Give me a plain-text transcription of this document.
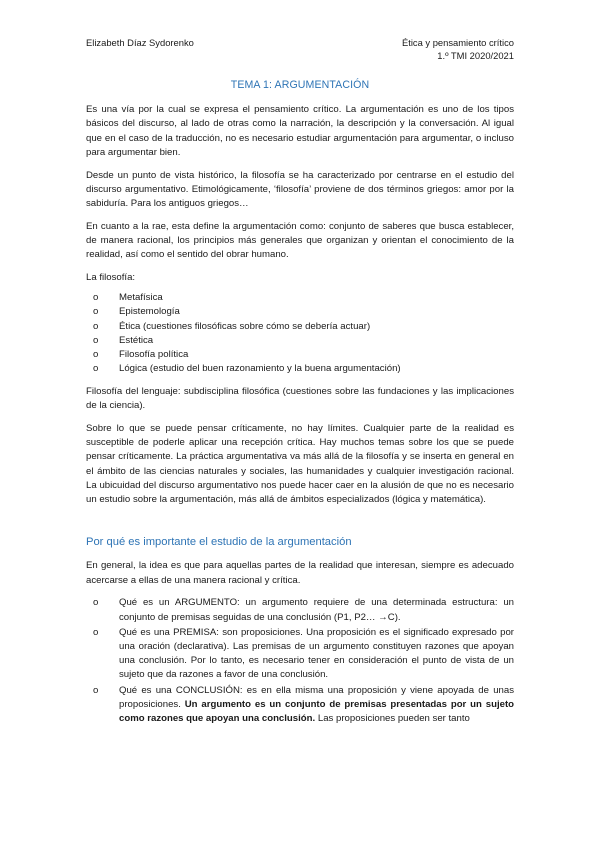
Elizabeth Díaz Sydorenko	Ética y pensamiento crítico
1.º TMI 2020/2021
TEMA 1: ARGUMENTACIÓN

Es una vía por la cual se expresa el pensamiento crítico. La argumentación es uno de los tipos básicos del discurso, al lado de otras como la narración, la descripción y la conversación. Al igual que en el caso de la traducción, no es necesario estudiar argumentación para argumentar, o incluso para argumentar bien.

Desde un punto de vista histórico, la filosofía se ha caracterizado por centrarse en el estudio del discurso argumentativo. Etimológicamente, ‘filosofía’ proviene de dos términos griegos: amor por la sabiduría. Para los antiguos griegos…

En cuanto a la rae, esta define la argumentación como: conjunto de saberes que busca establecer, de manera racional, los principios más generales que organizan y orientan el conocimiento de la realidad, así como el sentido del obrar humano.

La filosofía:

o Metafísica
o Epistemología
o Ética (cuestiones filosóficas sobre cómo se debería actuar)
o Estética
o Filosofía política
o Lógica (estudio del buen razonamiento y la buena argumentación)

Filosofía del lenguaje: subdisciplina filosófica (cuestiones sobre las fundaciones y las implicaciones de la ciencia).

Sobre lo que se puede pensar críticamente, no hay límites. Cualquier parte de la realidad es susceptible de poderle aplicar una recepción crítica. Hay muchos temas sobre los que se puede pensar críticamente. La práctica argumentativa va más allá de la filosofía y se inserta en general en el ámbito de las ciencias naturales y sociales, las humanidades y cualquier investigación racional. La ubicuidad del discurso argumentativo nos puede hacer caer en la alusión de que no es necesario un estudio sobre la argumentación, más allá de ámbitos especializados (lógica y matemática).

Por qué es importante el estudio de la argumentación

En general, la idea es que para aquellas partes de la realidad que interesan, siempre es adecuado acercarse a ellas de una manera racional y crítica.

o Qué es un ARGUMENTO: un argumento requiere de una determinada estructura: un conjunto de premisas seguidas de una conclusión (P1, P2… →C).
o Qué es una PREMISA: son proposiciones. Una proposición es el significado expresado por una oración (declarativa). Las premisas de un argumento constituyen razones que apoyan una conclusión. Por lo tanto, es necesario tener en consideración el punto de vista de un sujeto que da razones a favor de una conclusión.
o Qué es una CONCLUSIÓN: es en ella misma una proposición y viene apoyada de unas proposiciones. Un argumento es un conjunto de premisas presentadas por un sujeto como razones que apoyan una conclusión. Las proposiciones pueden ser tanto
